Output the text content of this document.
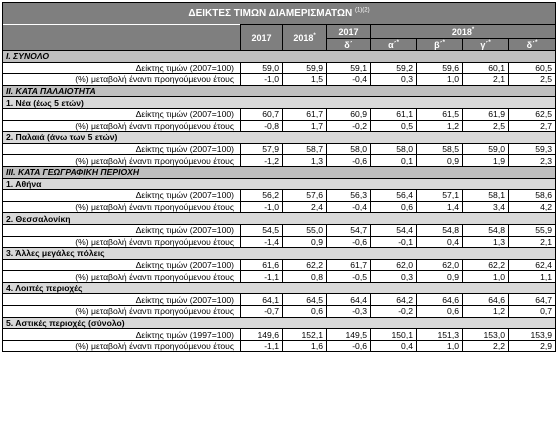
ΔΕΙΚΤΕΣ ΤΙΜΩΝ ΔΙΑΜΕΡΙΣΜΑΤΩΝ $^{(1)(2)}$
	2017	2018*	2017	2018*
			δ΄	α΄*	β΄*	γ΄*	δ΄*
Ι. ΣΥΝΟΛΟ							
Δείκτης τιμών (2007=100)	59,0	59,9	59,1	59,2	59,6	60,1	60,5
(%) μεταβολή έναντι προηγούμενου έτους	-1,0	1,5	-0,4	0,3	1,0	2,1	2,5
ΙΙ. ΚΑΤΑ ΠΑΛΑΙΟΤΗΤΑ							
1. Νέα (έως 5 ετών)							
Δείκτης τιμών (2007=100)	60,7	61,7	60,9	61,1	61,5	61,9	62,5
(%) μεταβολή έναντι προηγούμενου έτους	-0,8	1,7	-0,2	0,5	1,2	2,5	2,7
2. Παλαιά (άνω των 5 ετών)							
Δείκτης τιμών (2007=100)	57,9	58,7	58,0	58,0	58,5	59,0	59,3
(%) μεταβολή έναντι προηγούμενου έτους	-1,2	1,3	-0,6	0,1	0,9	1,9	2,3
ΙΙΙ. ΚΑΤΑ ΓΕΩΓΡΑΦΙΚΗ ΠΕΡΙΟΧΗ							
1. Αθήνα							
Δείκτης τιμών (2007=100)	56,2	57,6	56,3	56,4	57,1	58,1	58,6
(%) μεταβολή έναντι προηγούμενου έτους	-1,0	2,4	-0,4	0,6	1,4	3,4	4,2
2. Θεσσαλονίκη							
Δείκτης τιμών (2007=100)	54,5	55,0	54,7	54,4	54,8	54,8	55,9
(%) μεταβολή έναντι προηγούμενου έτους	-1,4	0,9	-0,6	-0,1	0,4	1,3	2,1
3. Άλλες μεγάλες πόλεις							
Δείκτης τιμών (2007=100)	61,6	62,2	61,7	62,0	62,0	62,2	62,4
(%) μεταβολή έναντι προηγούμενου έτους	-1,1	0,8	-0,5	0,3	0,9	1,0	1,1
4. Λοιπές περιοχές							
Δείκτης τιμών (2007=100)	64,1	64,5	64,4	64,2	64,6	64,6	64,7
(%) μεταβολή έναντι προηγούμενου έτους	-0,7	0,6	-0,3	-0,2	0,6	1,2	0,7
5. Αστικές περιοχές (σύνολο)							
Δείκτης τιμών (1997=100)	149,6	152,1	149,5	150,1	151,3	153,0	153,9
(%) μεταβολή έναντι προηγούμενου έτους	-1,1	1,6	-0,6	0,4	1,0	2,2	2,9
